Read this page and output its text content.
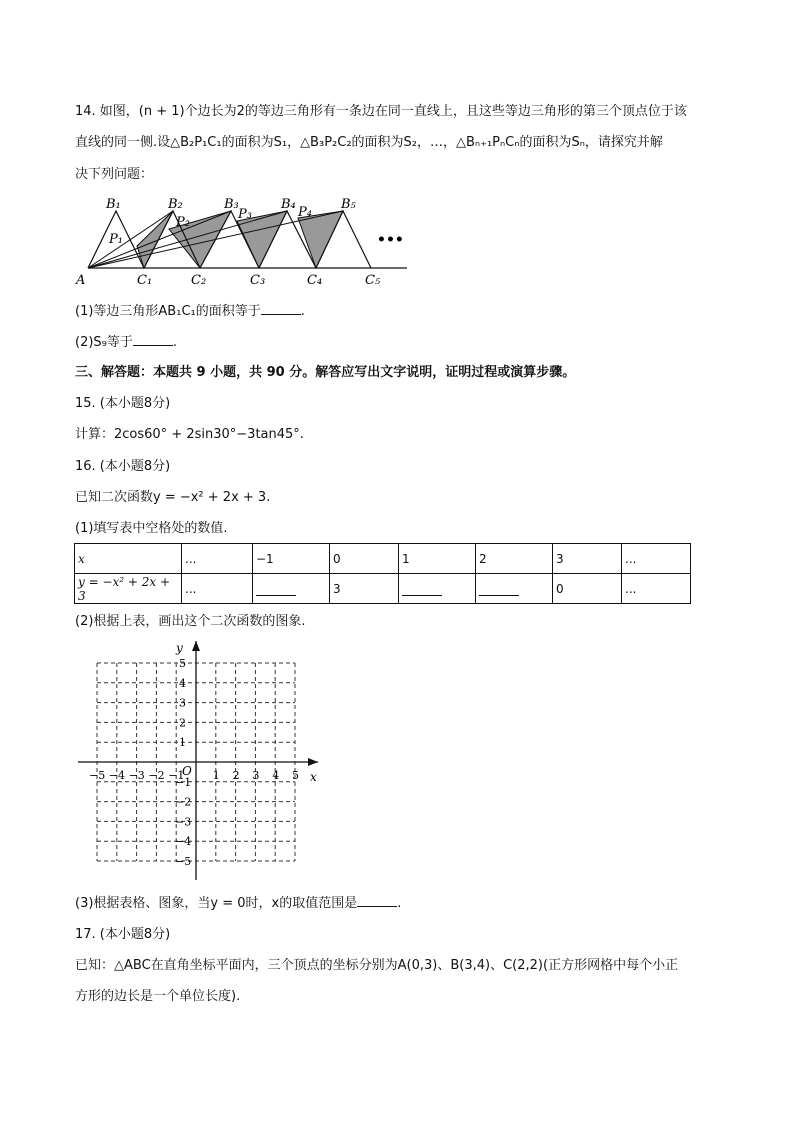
14. 如图，(n + 1)个边长为2的等边三角形有一条边在同一直线上，且这些等边三角形的第三个顶点位于该
直线的同一侧.设△B₂P₁C₁的面积为S₁，△B₃P₂C₂的面积为S₂，…，△Bₙ₊₁PₙCₙ的面积为Sₙ，请探究并解
决下列问题：
A
B₁	B₂	B₃	B₄	B₅
P₁
P₂
P₃	P₄
C₁	C₂	C₃	C₄	C₅
•••
(1)等边三角形AB₁C₁的面积等于	.
(2)S₉等于	.
三、解答题：本题共 9 小题，共 90 分。解答应写出文字说明，证明过程或演算步骤。
15. (本小题8分)
计算：2cos60° + 2sin30°−3tan45°.
16. (本小题8分)
已知二次函数y = −x² + 2x + 3.
(1)填写表中空格处的数值.
x	...	−1	0	1	2	3	...
y = −x² + 2x + 3	...		3			0	...
(2)根据上表，画出这个二次函数的图象.
x
y
O
−5 −4 −3 −2 −1	1 2 3 4 5
5
4
3
2
1
−1
−2
−3
−4
−5
(3)根据表格、图象，当y = 0时，x的取值范围是	.
17. (本小题8分)
已知：△ABC在直角坐标平面内，三个顶点的坐标分别为A(0,3)、B(3,4)、C(2,2)(正方形网格中每个小正
方形的边长是一个单位长度).
